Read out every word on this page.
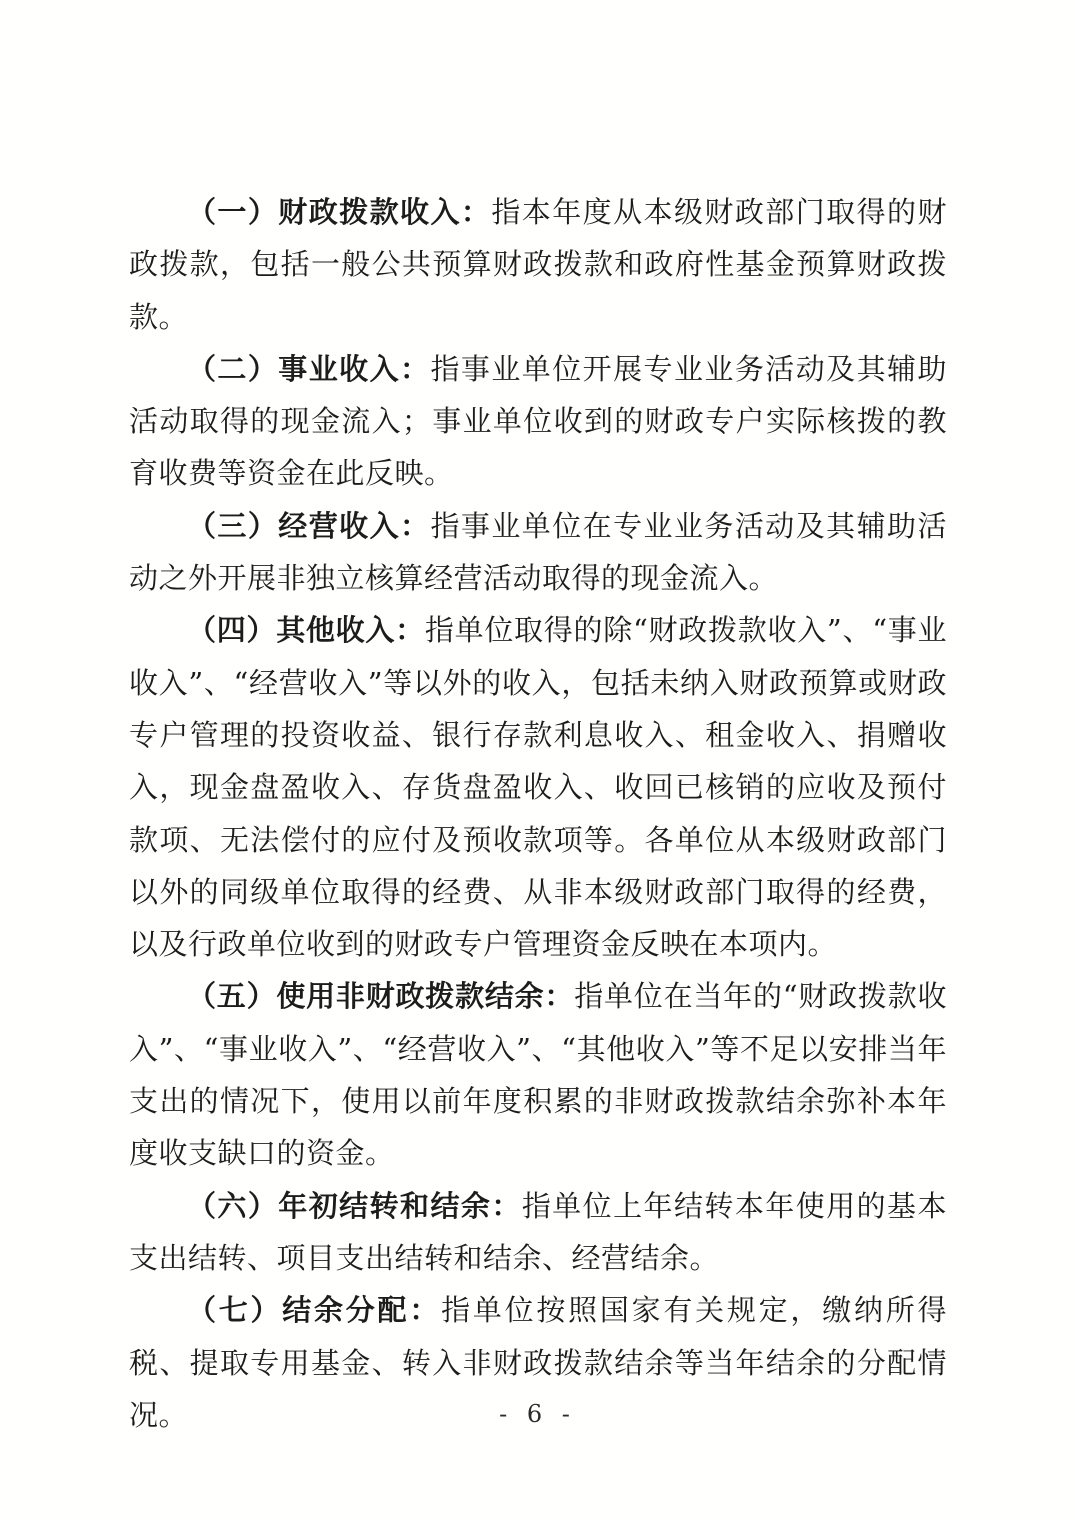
（一）财政拨款收入：指本年度从本级财政部门取得的财政拨款，包括一般公共预算财政拨款和政府性基金预算财政拨款。

（二）事业收入：指事业单位开展专业业务活动及其辅助活动取得的现金流入；事业单位收到的财政专户实际核拨的教育收费等资金在此反映。

（三）经营收入：指事业单位在专业业务活动及其辅助活动之外开展非独立核算经营活动取得的现金流入。

（四）其他收入：指单位取得的除“财政拨款收入”、“事业收入”、“经营收入”等以外的收入，包括未纳入财政预算或财政专户管理的投资收益、银行存款利息收入、租金收入、捐赠收入，现金盘盈收入、存货盘盈收入、收回已核销的应收及预付款项、无法偿付的应付及预收款项等。各单位从本级财政部门以外的同级单位取得的经费、从非本级财政部门取得的经费，以及行政单位收到的财政专户管理资金反映在本项内。

（五）使用非财政拨款结余：指单位在当年的“财政拨款收入”、“事业收入”、“经营收入”、“其他收入”等不足以安排当年支出的情况下，使用以前年度积累的非财政拨款结余弥补本年度收支缺口的资金。

（六）年初结转和结余：指单位上年结转本年使用的基本支出结转、项目支出结转和结余、经营结余。

（七）结余分配：指单位按照国家有关规定，缴纳所得税、提取专用基金、转入非财政拨款结余等当年结余的分配情况。	- 6 -
